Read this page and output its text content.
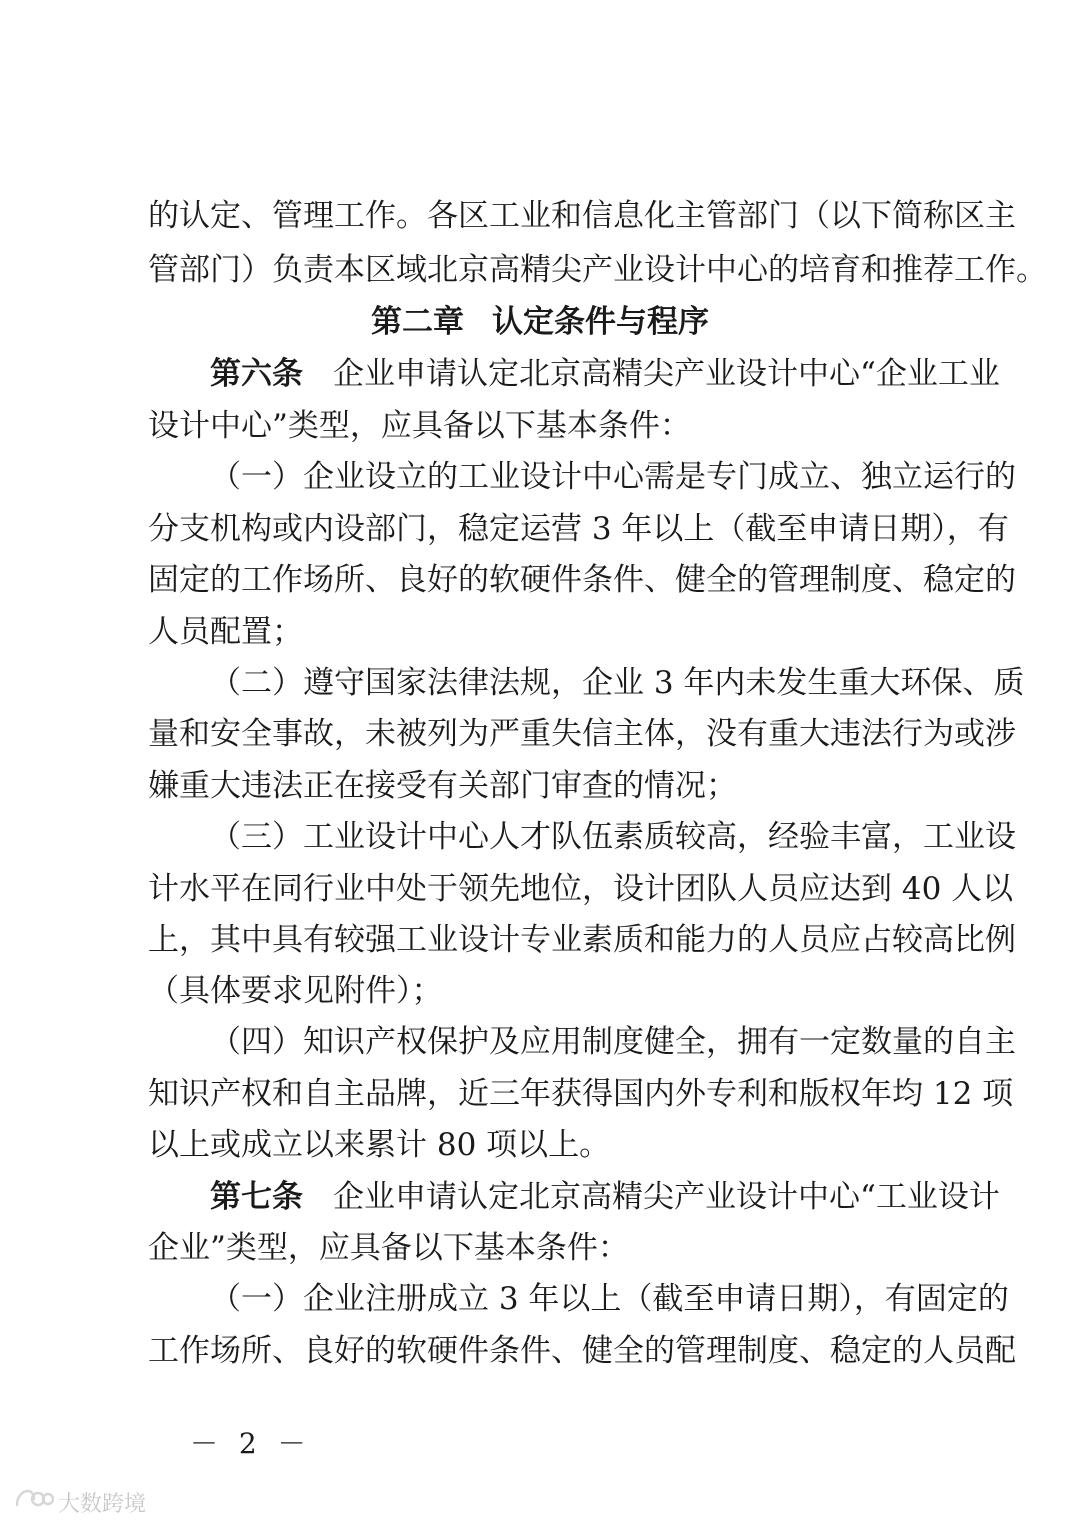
的认定、管理工作。各区工业和信息化主管部门（以下简称区主
管部门）负责本区域北京高精尖产业设计中心的培育和推荐工作。
第二章 认定条件与程序
第六条 企业申请认定北京高精尖产业设计中心“企业工业
设计中心”类型，应具备以下基本条件：
（一）企业设立的工业设计中心需是专门成立、独立运行的
分支机构或内设部门，稳定运营 3 年以上（截至申请日期），有
固定的工作场所、良好的软硬件条件、健全的管理制度、稳定的
人员配置；
（二）遵守国家法律法规，企业 3 年内未发生重大环保、质
量和安全事故，未被列为严重失信主体，没有重大违法行为或涉
嫌重大违法正在接受有关部门审查的情况；
（三）工业设计中心人才队伍素质较高，经验丰富，工业设
计水平在同行业中处于领先地位，设计团队人员应达到 40 人以
上，其中具有较强工业设计专业素质和能力的人员应占较高比例
（具体要求见附件）；
（四）知识产权保护及应用制度健全，拥有一定数量的自主
知识产权和自主品牌，近三年获得国内外专利和版权年均 12 项
以上或成立以来累计 80 项以上。
第七条 企业申请认定北京高精尖产业设计中心“工业设计
企业”类型，应具备以下基本条件：
（一）企业注册成立 3 年以上（截至申请日期），有固定的
工作场所、良好的软硬件条件、健全的管理制度、稳定的人员配
－ 2 －
大数跨境
